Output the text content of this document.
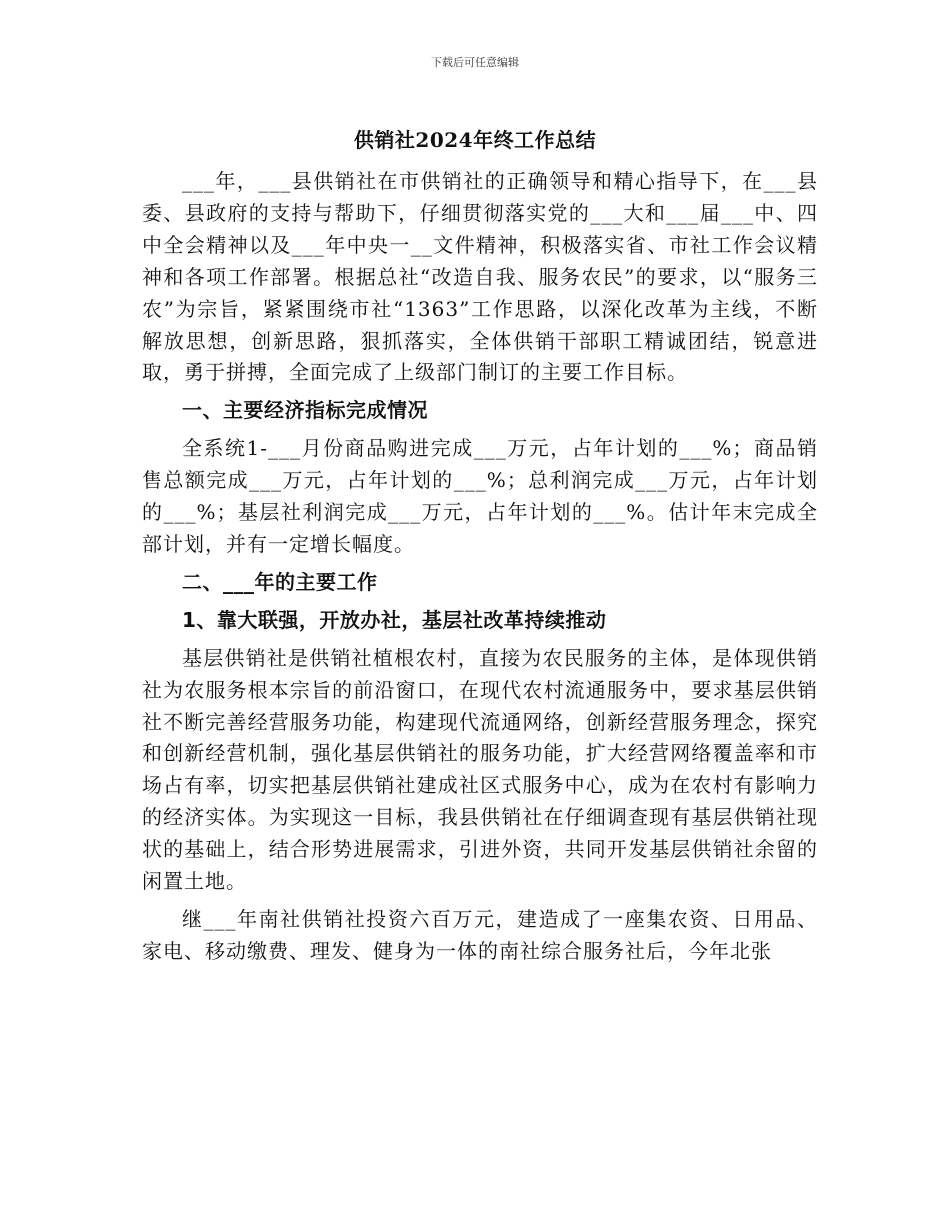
下载后可任意编辑
供销社2024年终工作总结

___年，___县供销社在市供销社的正确领导和精心指导下，在___县委、县政府的支持与帮助下，仔细贯彻落实党的___大和___届___中、四中全会精神以及___年中央一__文件精神，积极落实省、市社工作会议精神和各项工作部署。根据总社“改造自我、服务农民”的要求，以“服务三农”为宗旨，紧紧围绕市社“1363”工作思路，以深化改革为主线，不断解放思想，创新思路，狠抓落实，全体供销干部职工精诚团结，锐意进取，勇于拼搏，全面完成了上级部门制订的主要工作目标。

一、主要经济指标完成情况

全系统1-___月份商品购进完成___万元，占年计划的___%；商品销售总额完成___万元，占年计划的___%；总利润完成___万元，占年计划的___%；基层社利润完成___万元，占年计划的___%。估计年末完成全部计划，并有一定增长幅度。

二、___年的主要工作

1、靠大联强，开放办社，基层社改革持续推动

基层供销社是供销社植根农村，直接为农民服务的主体，是体现供销社为农服务根本宗旨的前沿窗口，在现代农村流通服务中，要求基层供销社不断完善经营服务功能，构建现代流通网络，创新经营服务理念，探究和创新经营机制，强化基层供销社的服务功能，扩大经营网络覆盖率和市场占有率，切实把基层供销社建成社区式服务中心，成为在农村有影响力的经济实体。为实现这一目标，我县供销社在仔细调查现有基层供销社现状的基础上，结合形势进展需求，引进外资，共同开发基层供销社余留的闲置土地。

继___年南社供销社投资六百万元，建造成了一座集农资、日用品、家电、移动缴费、理发、健身为一体的南社综合服务社后，今年北张
